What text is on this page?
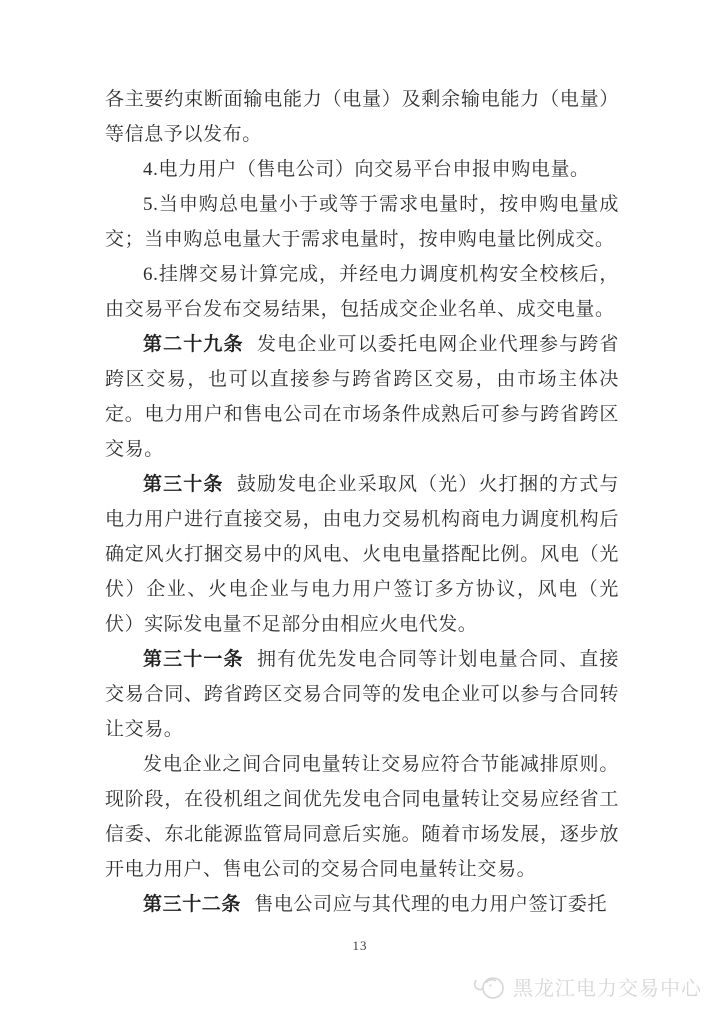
各主要约束断面输电能力（电量）及剩余输电能力（电量）等信息予以发布。

4.电力用户（售电公司）向交易平台申报申购电量。

5.当申购总电量小于或等于需求电量时，按申购电量成交；当申购总电量大于需求电量时，按申购电量比例成交。

6.挂牌交易计算完成，并经电力调度机构安全校核后，由交易平台发布交易结果，包括成交企业名单、成交电量。

第二十九条 发电企业可以委托电网企业代理参与跨省跨区交易，也可以直接参与跨省跨区交易，由市场主体决定。电力用户和售电公司在市场条件成熟后可参与跨省跨区交易。

第三十条 鼓励发电企业采取风（光）火打捆的方式与电力用户进行直接交易，由电力交易机构商电力调度机构后确定风火打捆交易中的风电、火电电量搭配比例。风电（光伏）企业、火电企业与电力用户签订多方协议，风电（光伏）实际发电量不足部分由相应火电代发。

第三十一条 拥有优先发电合同等计划电量合同、直接交易合同、跨省跨区交易合同等的发电企业可以参与合同转让交易。

发电企业之间合同电量转让交易应符合节能减排原则。现阶段，在役机组之间优先发电合同电量转让交易应经省工信委、东北能源监管局同意后实施。随着市场发展，逐步放开电力用户、售电公司的交易合同电量转让交易。

第三十二条 售电公司应与其代理的电力用户签订委托

13
黑龙江电力交易中心
